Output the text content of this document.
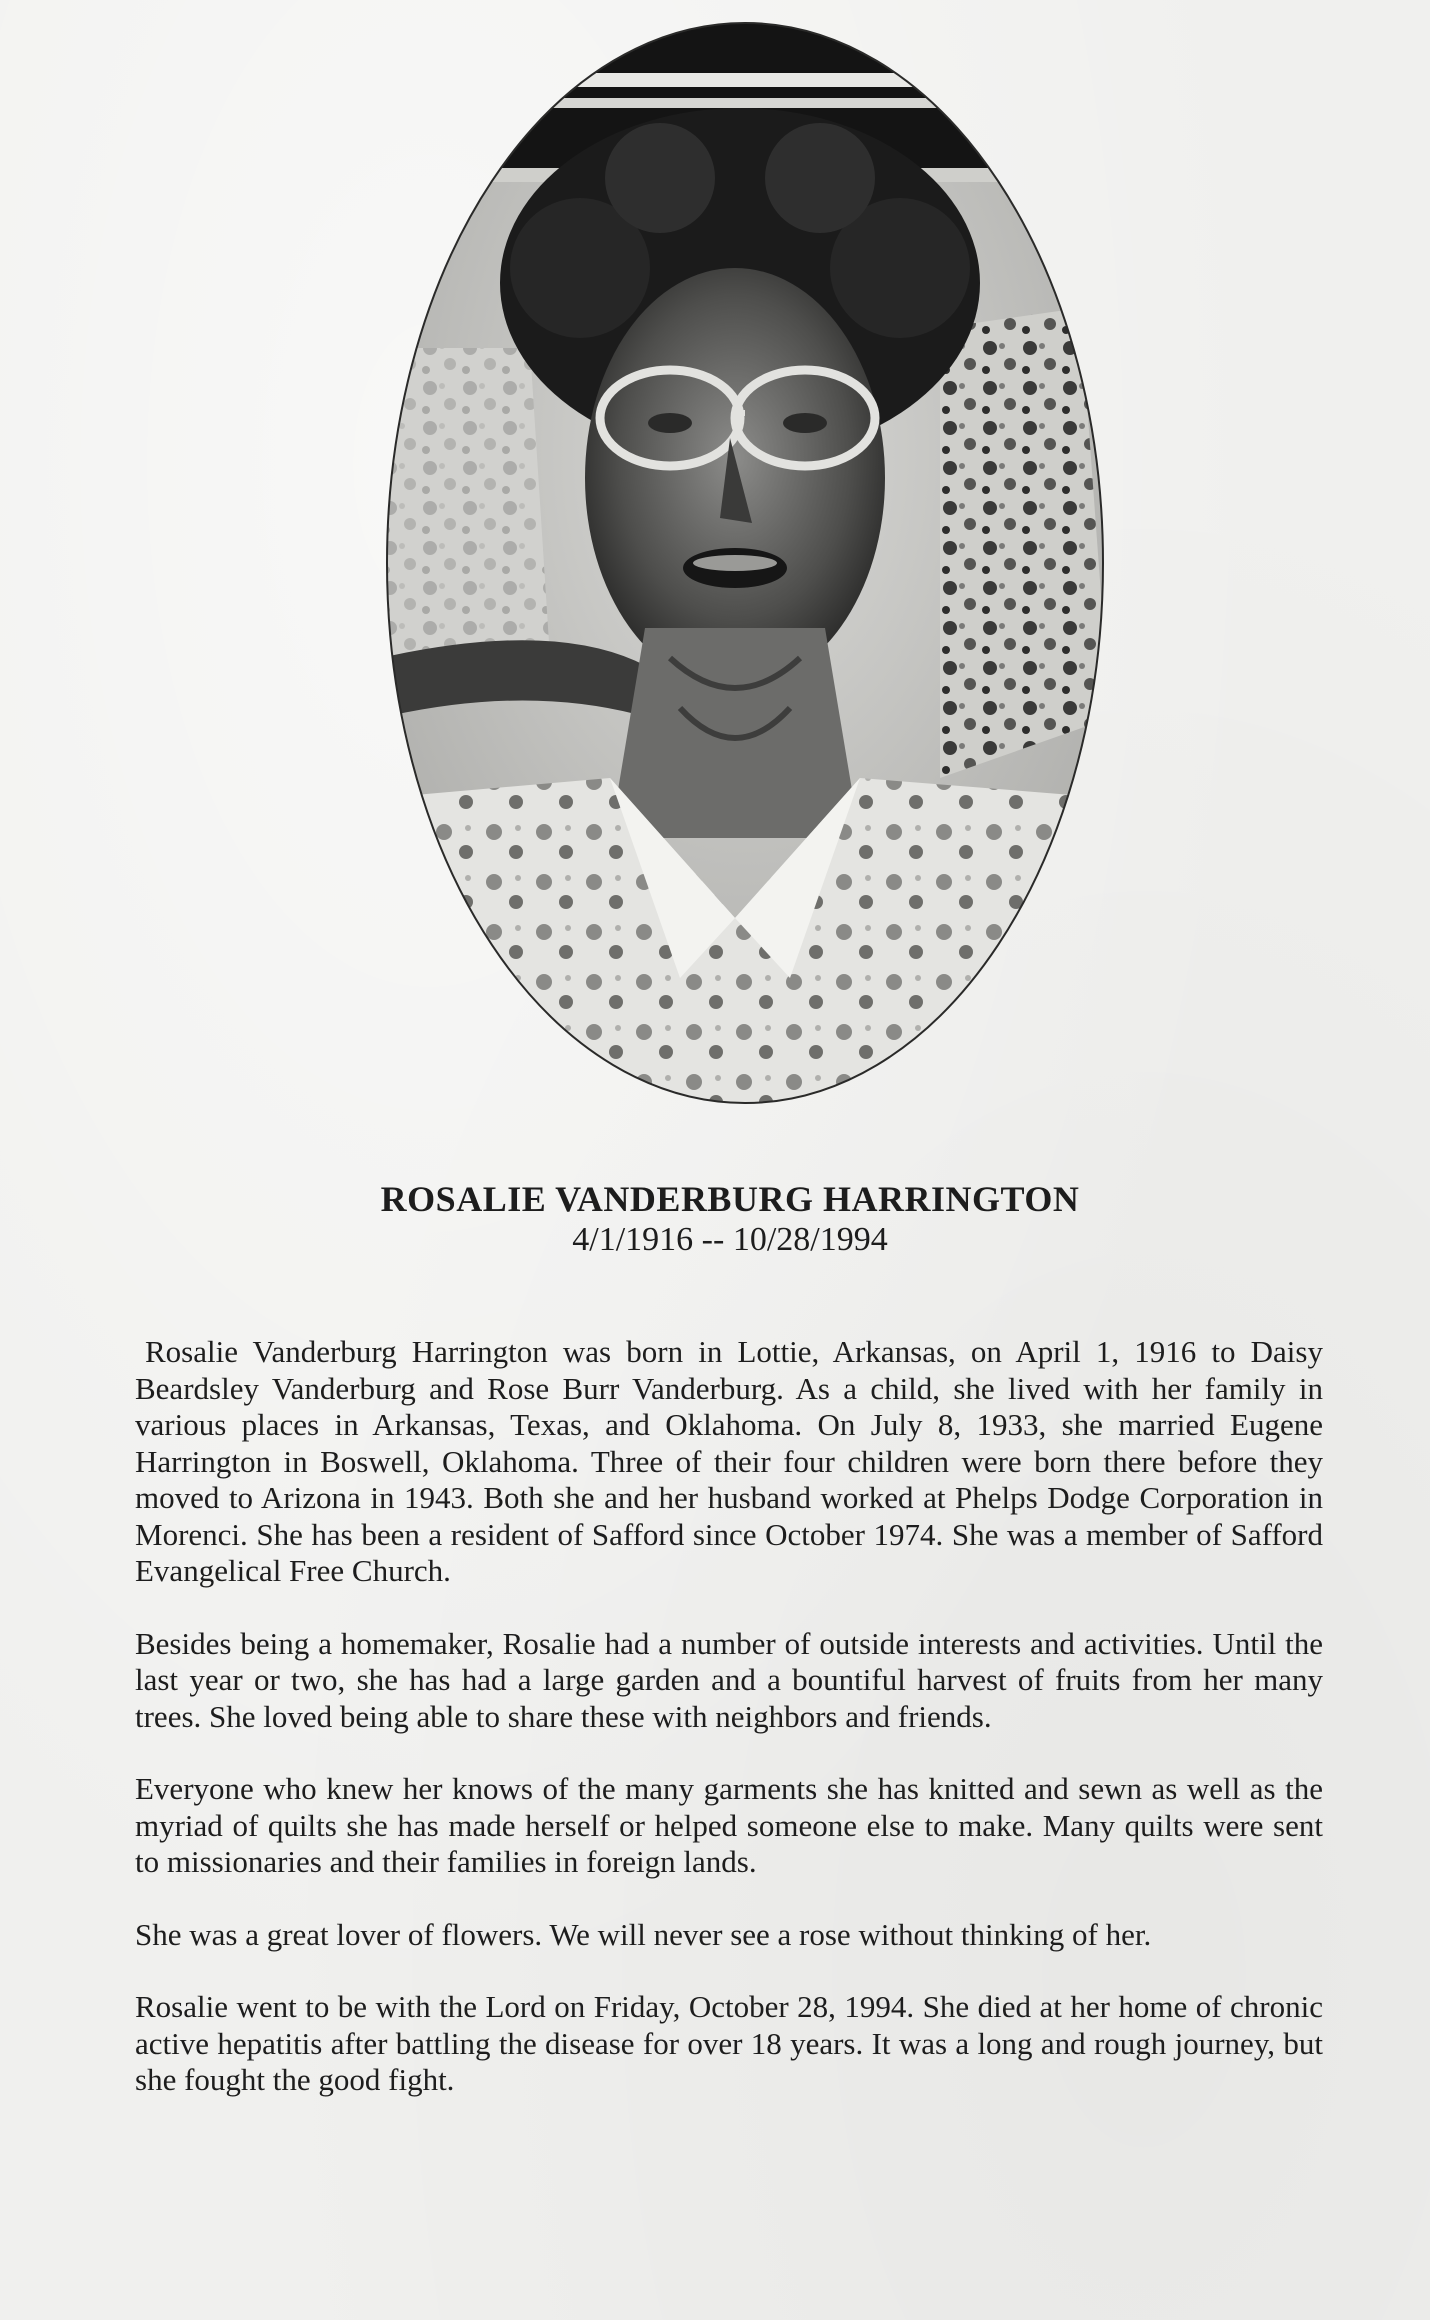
ROSALIE VANDERBURG HARRINGTON
4/1/1916 -- 10/28/1994

Rosalie Vanderburg Harrington was born in Lottie, Arkansas, on April 1, 1916 to Daisy Beardsley Vanderburg and Rose Burr Vanderburg. As a child, she lived with her family in various places in Arkansas, Texas, and Oklahoma. On July 8, 1933, she married Eugene Harrington in Boswell, Oklahoma. Three of their four children were born there before they moved to Arizona in 1943. Both she and her husband worked at Phelps Dodge Corporation in Morenci. She has been a resident of Safford since October 1974. She was a member of Safford Evangelical Free Church.

Besides being a homemaker, Rosalie had a number of outside interests and activities. Until the last year or two, she has had a large garden and a bountiful harvest of fruits from her many trees. She loved being able to share these with neighbors and friends.

Everyone who knew her knows of the many garments she has knitted and sewn as well as the myriad of quilts she has made herself or helped someone else to make. Many quilts were sent to missionaries and their families in foreign lands.

She was a great lover of flowers. We will never see a rose without thinking of her.

Rosalie went to be with the Lord on Friday, October 28, 1994. She died at her home of chronic active hepatitis after battling the disease for over 18 years. It was a long and rough journey, but she fought the good fight.
